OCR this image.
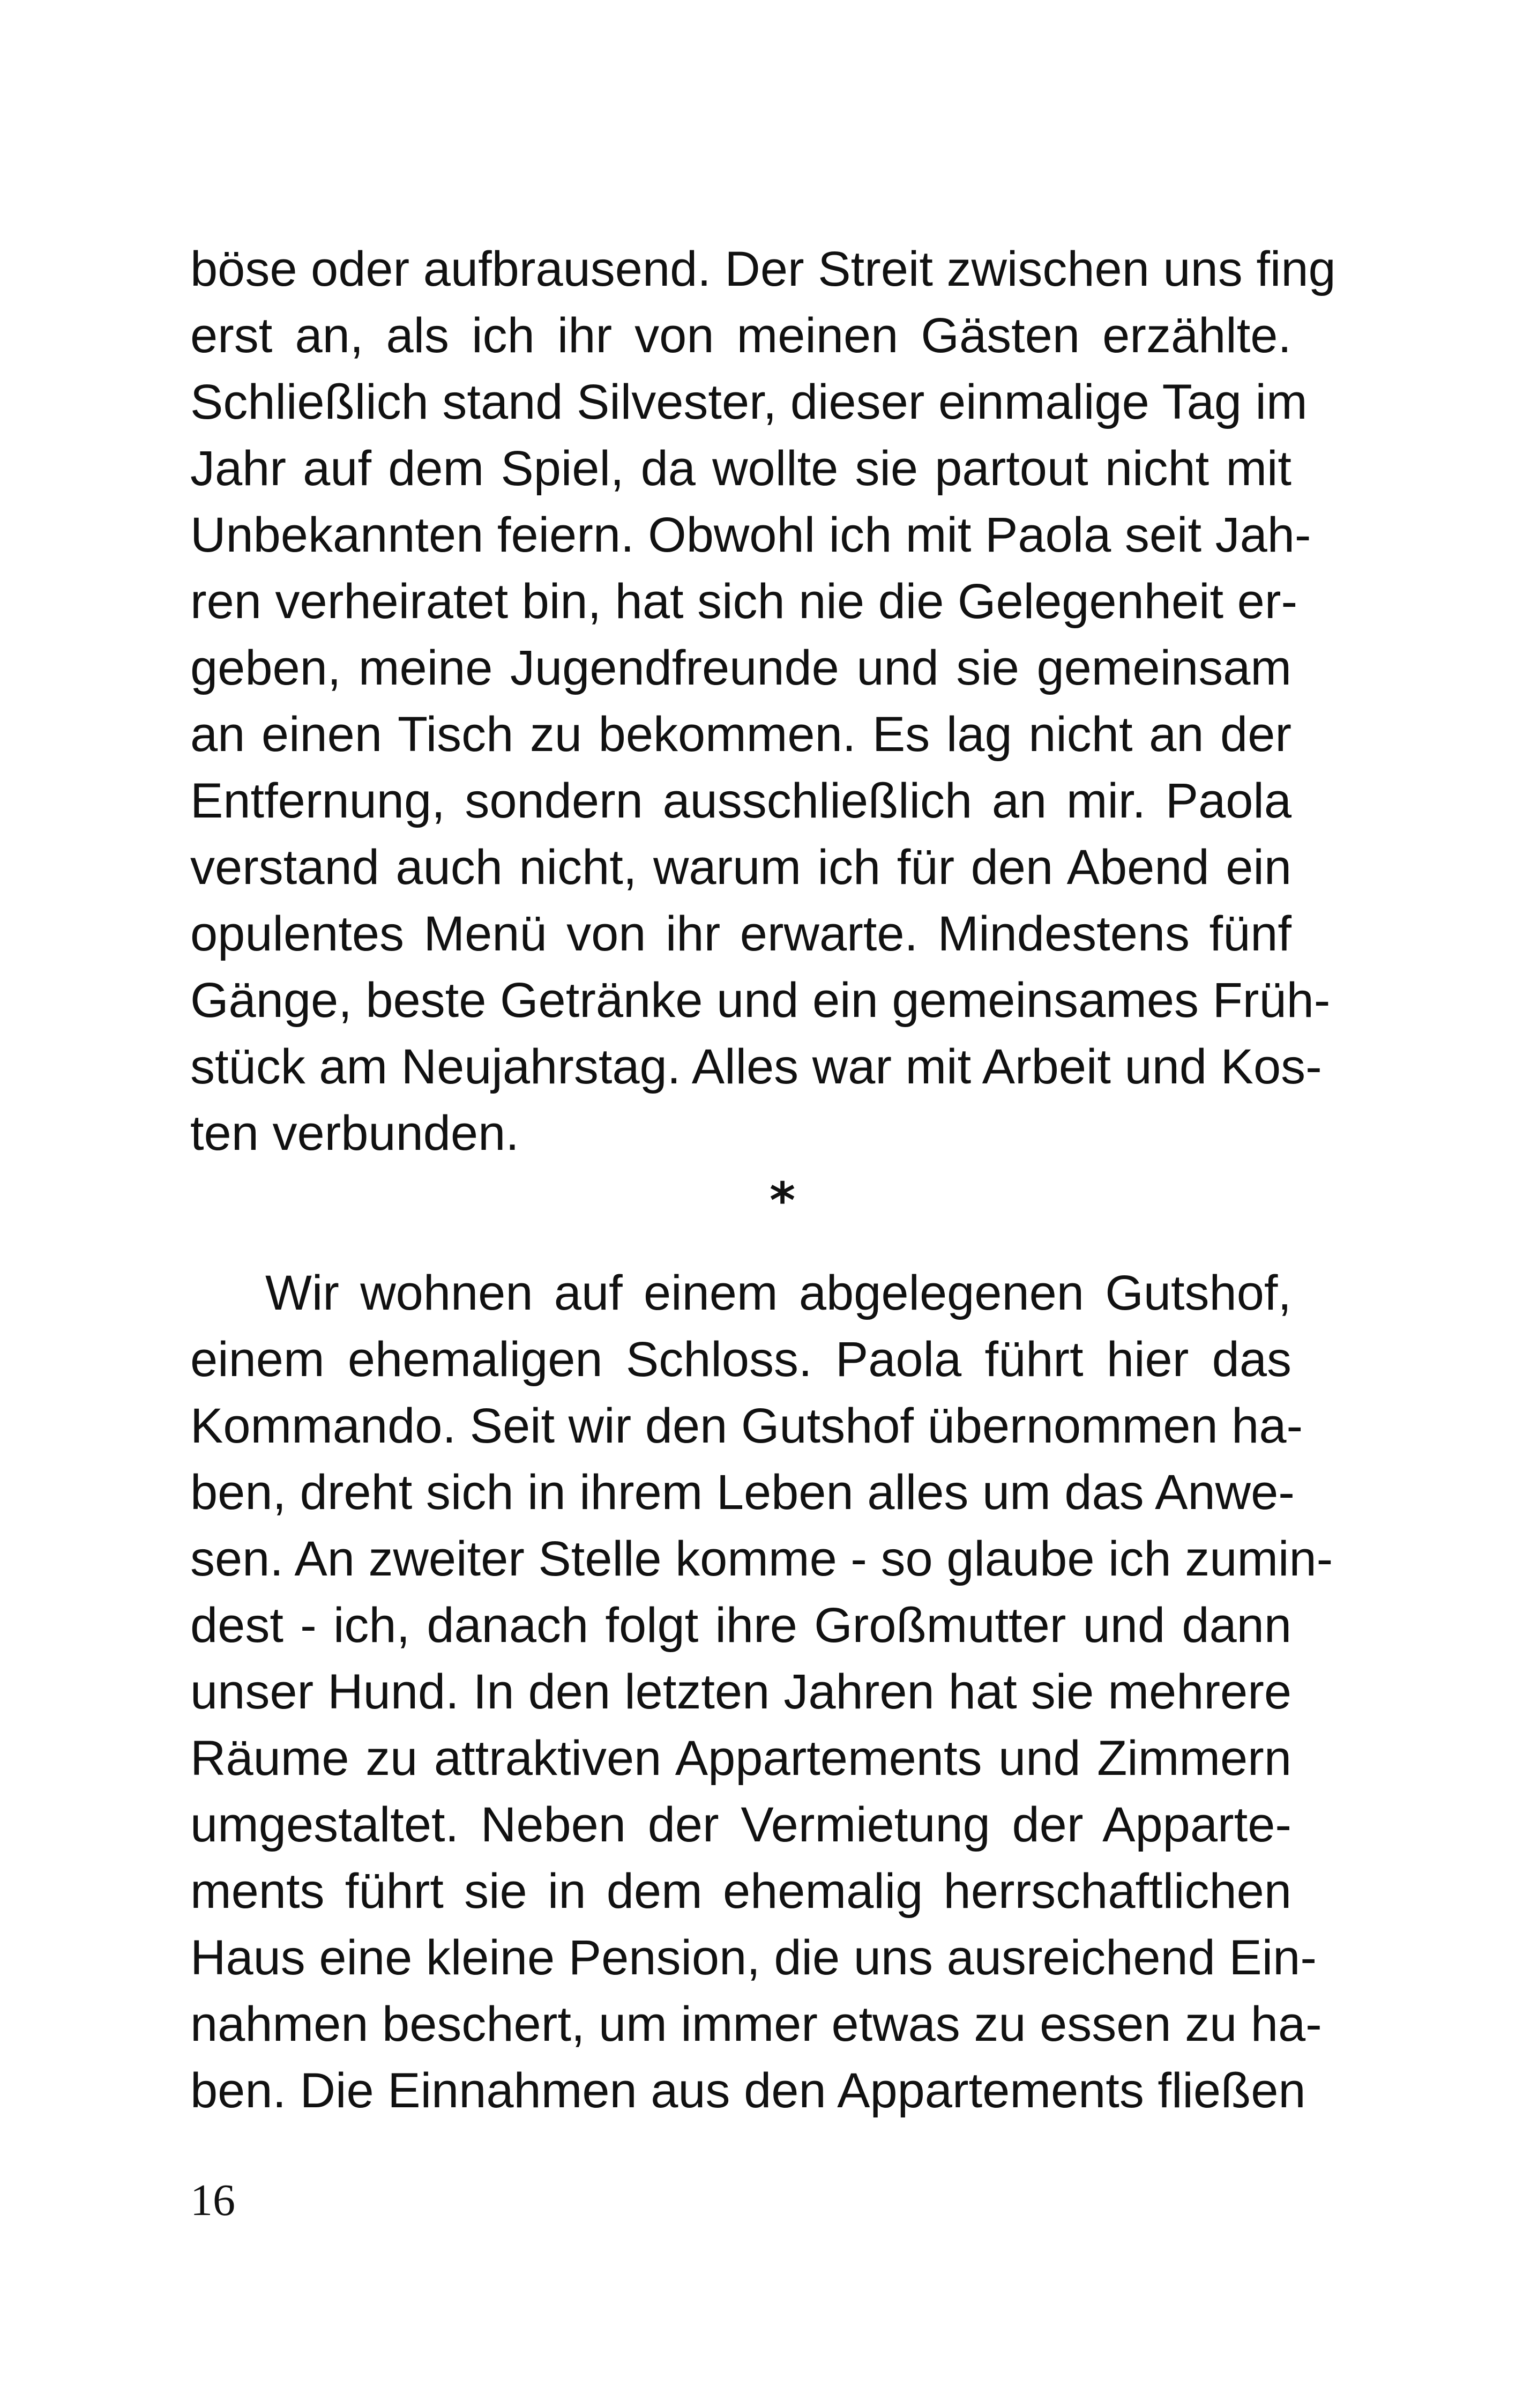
böse oder aufbrausend. Der Streit zwischen uns fing
erst an, als ich ihr von meinen Gästen erzählte.
Schließlich stand Silvester, dieser einmalige Tag im
Jahr auf dem Spiel, da wollte sie partout nicht mit
Unbekannten feiern. Obwohl ich mit Paola seit Jah-
ren verheiratet bin, hat sich nie die Gelegenheit er-
geben, meine Jugendfreunde und sie gemeinsam
an einen Tisch zu bekommen. Es lag nicht an der
Entfernung, sondern ausschließlich an mir. Paola
verstand auch nicht, warum ich für den Abend ein
opulentes Menü von ihr erwarte. Mindestens fünf
Gänge, beste Getränke und ein gemeinsames Früh-
stück am Neujahrstag. Alles war mit Arbeit und Kos-
ten verbunden.
*
Wir wohnen auf einem abgelegenen Gutshof,
einem ehemaligen Schloss. Paola führt hier das
Kommando. Seit wir den Gutshof übernommen ha-
ben, dreht sich in ihrem Leben alles um das Anwe-
sen. An zweiter Stelle komme - so glaube ich zumin-
dest - ich, danach folgt ihre Großmutter und dann
unser Hund. In den letzten Jahren hat sie mehrere
Räume zu attraktiven Appartements und Zimmern
umgestaltet. Neben der Vermietung der Apparte-
ments führt sie in dem ehemalig herrschaftlichen
Haus eine kleine Pension, die uns ausreichend Ein-
nahmen beschert, um immer etwas zu essen zu ha-
ben. Die Einnahmen aus den Appartements fließen
16
